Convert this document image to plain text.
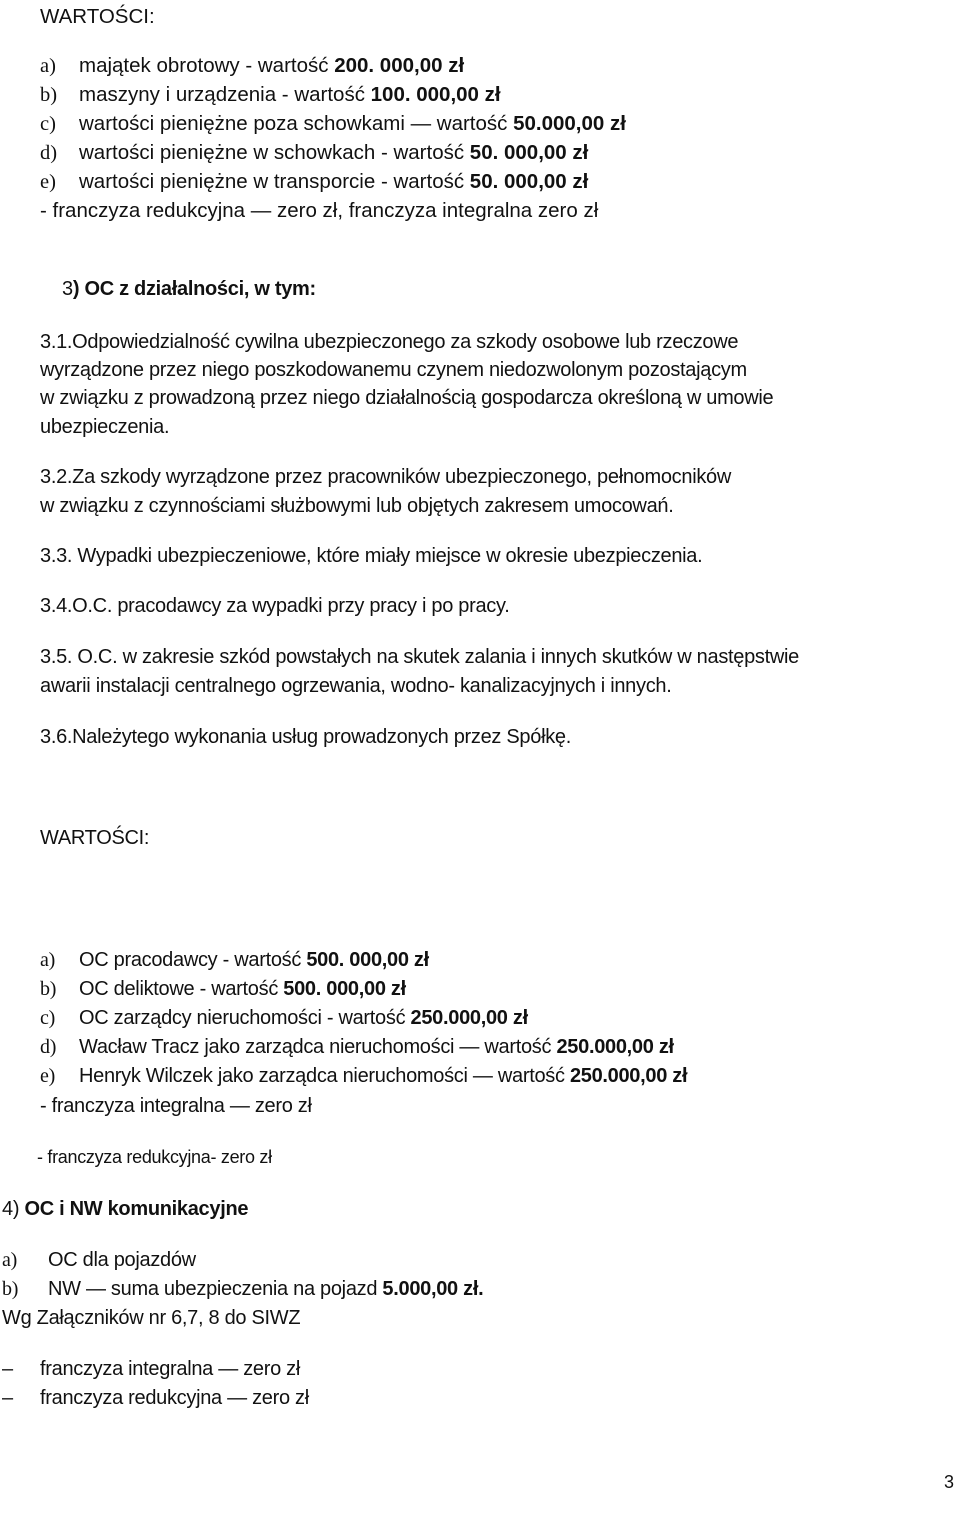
WARTOŚCI:
a) majątek obrotowy - wartość 200. 000,00 zł
b) maszyny i urządzenia - wartość 100. 000,00 zł
c) wartości pieniężne poza schowkami — wartość 50.000,00 zł
d) wartości pieniężne w schowkach - wartość 50. 000,00 zł
e) wartości pieniężne w transporcie - wartość 50. 000,00 zł
- franczyza redukcyjna — zero zł, franczyza integralna zero zł
3) OC z działalności, w tym:
3.1.Odpowiedzialność cywilna ubezpieczonego za szkody osobowe lub rzeczowe
wyrządzone przez niego poszkodowanemu czynem niedozwolonym pozostającym
w związku z prowadzoną przez niego działalnością gospodarcza określoną w umowie
ubezpieczenia.
3.2.Za szkody wyrządzone przez pracowników ubezpieczonego, pełnomocników
w związku z czynnościami służbowymi lub objętych zakresem umocowań.
3.3. Wypadki ubezpieczeniowe, które miały miejsce w okresie ubezpieczenia.
3.4.O.C. pracodawcy za wypadki przy pracy i po pracy.
3.5. O.C. w zakresie szkód powstałych na skutek zalania i innych skutków w następstwie
awarii instalacji centralnego ogrzewania, wodno- kanalizacyjnych i innych.
3.6.Należytego wykonania usług prowadzonych przez Spółkę.
WARTOŚCI:
a) OC pracodawcy - wartość 500. 000,00 zł
b) OC deliktowe - wartość 500. 000,00 zł
c) OC zarządcy nieruchomości - wartość 250.000,00 zł
d) Wacław Tracz jako zarządca nieruchomości — wartość 250.000,00 zł
e) Henryk Wilczek jako zarządca nieruchomości — wartość 250.000,00 zł
- franczyza integralna — zero zł
- franczyza redukcyjna- zero zł
4) OC i NW komunikacyjne
a) OC dla pojazdów
b) NW — suma ubezpieczenia na pojazd 5.000,00 zł.
Wg Załączników nr 6,7, 8 do SIWZ
– franczyza integralna — zero zł
– franczyza redukcyjna — zero zł
3
